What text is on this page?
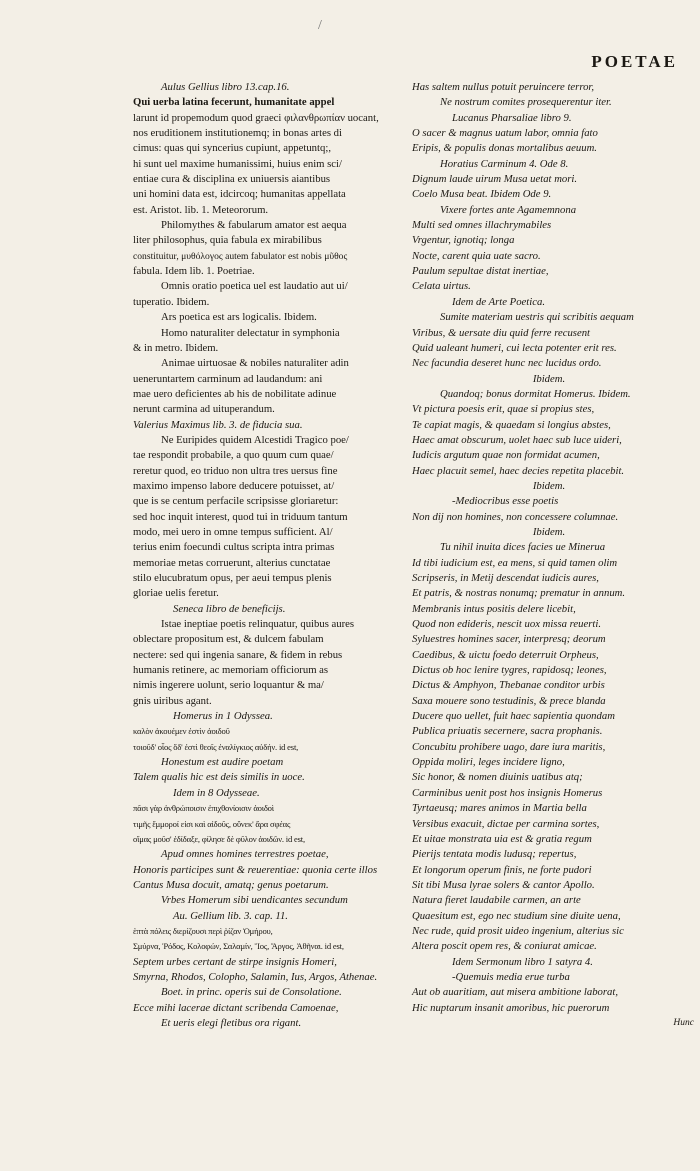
/
POETAE
Aulus Gellius libro 13.cap.16.
Qui uerba latina fecerunt, humanitate appel
larunt id propemodum quod graeci φιλανθρωπίαν uocant,
nos eruditionem institutionemq; in bonas artes di
cimus: quas qui syncerius cupiunt, appetuntq;,
hi sunt uel maxime humanissimi, huius enim sci/
entiae cura & disciplina ex uniuersis aiantibus
uni homini data est, idcircoq; humanitas appellata
est. Aristot. lib. 1. Meteororum.
Philomythes & fabularum amator est aequa
liter philosophus, quia fabula ex mirabilibus
constituitur, μυθόλογος autem fabulator est nobis μῦθος
fabula. Idem lib. 1. Poetriae.
Omnis oratio poetica uel est laudatio aut ui/
tuperatio. Ibidem.
Ars poetica est ars logicalis. Ibidem.
Homo naturaliter delectatur in symphonia
& in metro. Ibidem.
Animae uirtuosae & nobiles naturaliter adin
ueneruntartem carminum ad laudandum: ani
mae uero deficientes ab his de nobilitate adinue
nerunt carmina ad uituperandum.
Valerius Maximus lib. 3. de fiducia sua.
Ne Euripides quidem Alcestidi Tragico poe/
tae respondit probabile, a quo quum cum quae/
reretur quod, eo triduo non ultra tres uersus fine
maximo impenso labore deducere potuisset, at/
que is se centum perfacile scripsisse gloriaretur:
sed hoc inquit interest, quod tui in triduum tantum
modo, mei uero in omne tempus sufficient. Al/
terius enim foecundi cultus scripta intra primas
memoriae metas corruerunt, alterius cunctatae
stilo elucubratum opus, per aeui tempus plenis
gloriae uelis feretur.
Seneca libro de beneficijs.
Istae ineptiae poetis relinquatur, quibus aures
oblectare propositum est, & dulcem fabulam
nectere: sed qui ingenia sanare, & fidem in rebus
humanis retinere, ac memoriam officiorum as
nimis ingerere uolunt, serio loquantur & ma/
gnis uiribus agant.
Homerus in 1 Odyssea.
καλὸν ἀκουέμεν ἐστὶν ἀοιδοῦ
τοιοῦδ' οἷος ὅδ' ἐστὶ θεοῖς ἐναλίγκιος αὐδήν. id est,
Honestum est audire poetam
Talem qualis hic est deis similis in uoce.
Idem in 8 Odysseae.
πᾶσι γὰρ ἀνθρώποισιν ἐπιχθονίοισιν ἀοιδοὶ
τιμῆς ἔμμοροί εἰσι καὶ αἰδοῦς, οὕνεκ' ἄρα σφέας
οἴμας μοῦσ' ἐδίδαξε, φίλησε δὲ φῦλον ἀοιδῶν. id est,
Apud omnes homines terrestres poetae,
Honoris participes sunt & reuerentiae: quonia certe illos
Cantus Musa docuit, amatq; genus poetarum.
Vrbes Homerum sibi uendicantes secundum
Au. Gellium lib. 3. cap. 11.
ἑπτὰ πόλεις διερίζουσι περὶ ῥίζαν Ὁμήρου,
Σμύρνα, Ῥόδος, Κολοφών, Σαλαμίν, Ἴος, Ἄργος, Ἀθῆναι. id est,
Septem urbes certant de stirpe insignis Homeri,
Smyrna, Rhodos, Colopho, Salamin, Ius, Argos, Athenae.
Boet. in princ. operis sui de Consolatione.
Ecce mihi lacerae dictant scribenda Camoenae,
Et ueris elegi fletibus ora rigant.
Has saltem nullus potuit peruincere terror,
Ne nostrum comites prosequerentur iter.
Lucanus Pharsaliae libro 9.
O sacer & magnus uatum labor, omnia fato
Eripis, & populis donas mortalibus aeuum.
Horatius Carminum 4. Ode 8.
Dignum laude uirum Musa uetat mori.
Coelo Musa beat. Ibidem Ode 9.
Vixere fortes ante Agamemnona
Multi sed omnes illachrymabiles
Vrgentur, ignotiq; longa
Nocte, carent quia uate sacro.
Paulum sepultae distat inertiae,
Celata uirtus.
Idem de Arte Poetica.
Sumite materiam uestris qui scribitis aequam
Viribus, & uersate diu quid ferre recusent
Quid ualeant humeri, cui lecta potenter erit res.
Nec facundia deseret hunc nec lucidus ordo.
Ibidem.
Quandoq; bonus dormitat Homerus. Ibidem.
Vt pictura poesis erit, quae si propius stes,
Te capiat magis, & quaedam si longius abstes,
Haec amat obscurum, uolet haec sub luce uideri,
Iudicis argutum quae non formidat acumen,
Haec placuit semel, haec decies repetita placebit.
Ibidem.
-Mediocribus esse poetis
Non dij non homines, non concessere columnae.
Ibidem.
Tu nihil inuita dices facies ue Minerua
Id tibi iudicium est, ea mens, si quid tamen olim
Scripseris, in Metij descendat iudicis aures,
Et patris, & nostras nonumq; prematur in annum.
Membranis intus positis delere licebit,
Quod non edideris, nescit uox missa reuerti.
Syluestres homines sacer, interpresq; deorum
Caedibus, & uictu foedo deterruit Orpheus,
Dictus ob hoc lenire tygres, rapidosq; leones,
Dictus & Amphyon, Thebanae conditor urbis
Saxa mouere sono testudinis, & prece blanda
Ducere quo uellet, fuit haec sapientia quondam
Publica priuatis secernere, sacra prophanis.
Concubitu prohibere uago, dare iura maritis,
Oppida moliri, leges incidere ligno,
Sic honor, & nomen diuinis uatibus atq;
Carminibus uenit post hos insignis Homerus
Tyrtaeusq; mares animos in Martia bella
Versibus exacuit, dictae per carmina sortes,
Et uitae monstrata uia est & gratia regum
Pierijs tentata modis ludusq; repertus,
Et longorum operum finis, ne forte pudori
Sit tibi Musa lyrae solers & cantor Apollo.
Natura fieret laudabile carmen, an arte
Quaesitum est, ego nec studium sine diuite uena,
Nec rude, quid prosit uideo ingenium, alterius sic
Altera poscit opem res, & coniurat amicae.
Idem Sermonum libro 1 satyra 4.
-Quemuis media erue turba
Aut ob auaritiam, aut misera ambitione laborat,
Hic nuptarum insanit amoribus, hic puerorum
Hunc
